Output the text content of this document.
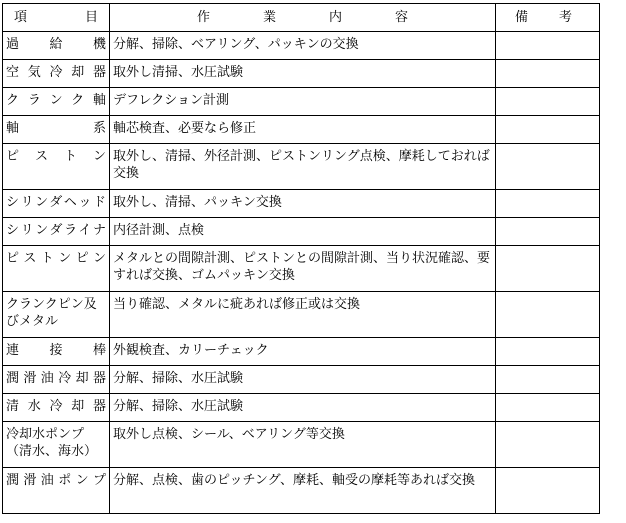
項 目	作 業 内 容	備 考

過　給　機	分解、掃除、ベアリング、パッキンの交換	

空気冷却器	取外し清掃、水圧試験	

クランク軸	デフレクション計測	

軸　　　系	軸芯検査、必要なら修正	

ピストン	取外し、清掃、外径計測、ピストンリング点検、摩耗しておれば交換	

シリンダヘッド	取外し、清掃、パッキン交換	

シリンダライナ	内径計測、点検	

ピストンピン	メタルとの間隙計測、ピストンとの間隙計測、当り状況確認、要すれば交換、ゴムパッキン交換	

クランクピン及びメタル	当り確認、メタルに疵あれば修正或は交換	

連　接　棒	外観検査、カリーチェック	

潤滑油冷却器	分解、掃除、水圧試験	

清水冷却器	分解、掃除、水圧試験	

冷却水ポンプ（清水、海水）	取外し点検、シール、ベアリング等交換	

潤滑油ポンプ	分解、点検、歯のピッチング、摩耗、軸受の摩耗等あれば交換	
